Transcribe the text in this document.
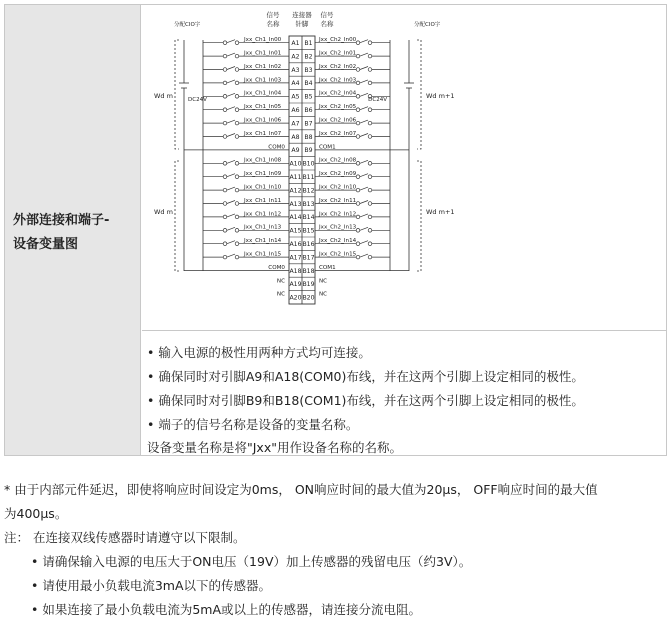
外部连接和端子-
设备变量图
信号
名称
连接器
针脚
信号
名称
分配CIO字	分配CIO字
Wd m	Wd m+1
Wd m	Wd m+1
DC24V	DC24V
A1 B1
Jxx_Ch1_In00	Jxx_Ch2_In00
A2 B2
Jxx_Ch1_In01	Jxx_Ch2_In01
A3 B3
Jxx_Ch1_In02	Jxx_Ch2_In02
A4 B4
Jxx_Ch1_In03	Jxx_Ch2_In03
A5 B5
Jxx_Ch1_In04	Jxx_Ch2_In04
A6 B6
Jxx_Ch1_In05	Jxx_Ch2_In05
A7 B7
Jxx_Ch1_In06	Jxx_Ch2_In06
A8 B8
Jxx_Ch1_In07	Jxx_Ch2_In07
A9 B9
COM0	COM1
A10 B10
Jxx_Ch1_In08	Jxx_Ch2_In08
A11 B11
Jxx_Ch1_In09	Jxx_Ch2_In09
A12 B12
Jxx_Ch1_In10	Jxx_Ch2_In10
A13 B13
Jxx_Ch1_In11	Jxx_Ch2_In11
A14 B14
Jxx_Ch1_In12	Jxx_Ch2_In12
A15 B15
Jxx_Ch1_In13	Jxx_Ch2_In13
A16 B16
Jxx_Ch1_In14	Jxx_Ch2_In14
A17 B17
Jxx_Ch1_In15	Jxx_Ch2_In15
A18 B18
COM0	COM1
A19 B19
NC	NC
A20 B20
NC	NC
• 输入电源的极性用两种方式均可连接。
• 确保同时对引脚A9和A18(COM0)布线，并在这两个引脚上设定相同的极性。
• 确保同时对引脚B9和B18(COM1)布线，并在这两个引脚上设定相同的极性。
• 端子的信号名称是设备的变量名称。
设备变量名称是将"Jxx"用作设备名称的名称。
* 由于内部元件延迟，即使将响应时间设定为0ms， ON响应时间的最大值为20μs， OFF响应时间的最大值
为400μs。
注： 在连接双线传感器时请遵守以下限制。
• 请确保输入电源的电压大于ON电压（19V）加上传感器的残留电压（约3V）。
• 请使用最小负载电流3mA以下的传感器。
• 如果连接了最小负载电流为5mA或以上的传感器，请连接分流电阻。
